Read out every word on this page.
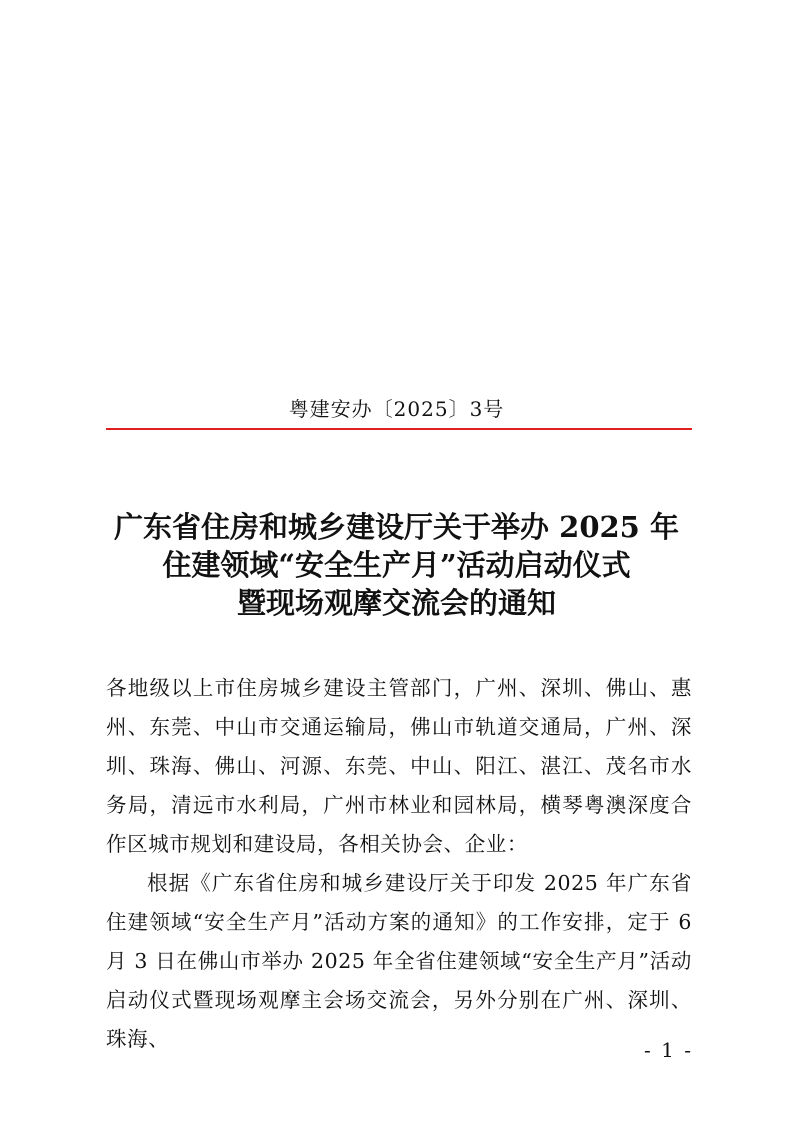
粤建安办〔2025〕3号
广东省住房和城乡建设厅关于举办 2025 年
住建领域“安全生产月”活动启动仪式
暨现场观摩交流会的通知

各地级以上市住房城乡建设主管部门，广州、深圳、佛山、惠州、东莞、中山市交通运输局，佛山市轨道交通局，广州、深圳、珠海、佛山、河源、东莞、中山、阳江、湛江、茂名市水务局，清远市水利局，广州市林业和园林局，横琴粤澳深度合作区城市规划和建设局，各相关协会、企业：

根据《广东省住房和城乡建设厅关于印发 2025 年广东省住建领域“安全生产月”活动方案的通知》的工作安排，定于 6 月 3 日在佛山市举办 2025 年全省住建领域“安全生产月”活动启动仪式暨现场观摩主会场交流会，另外分别在广州、深圳、珠海、	- 1 -
